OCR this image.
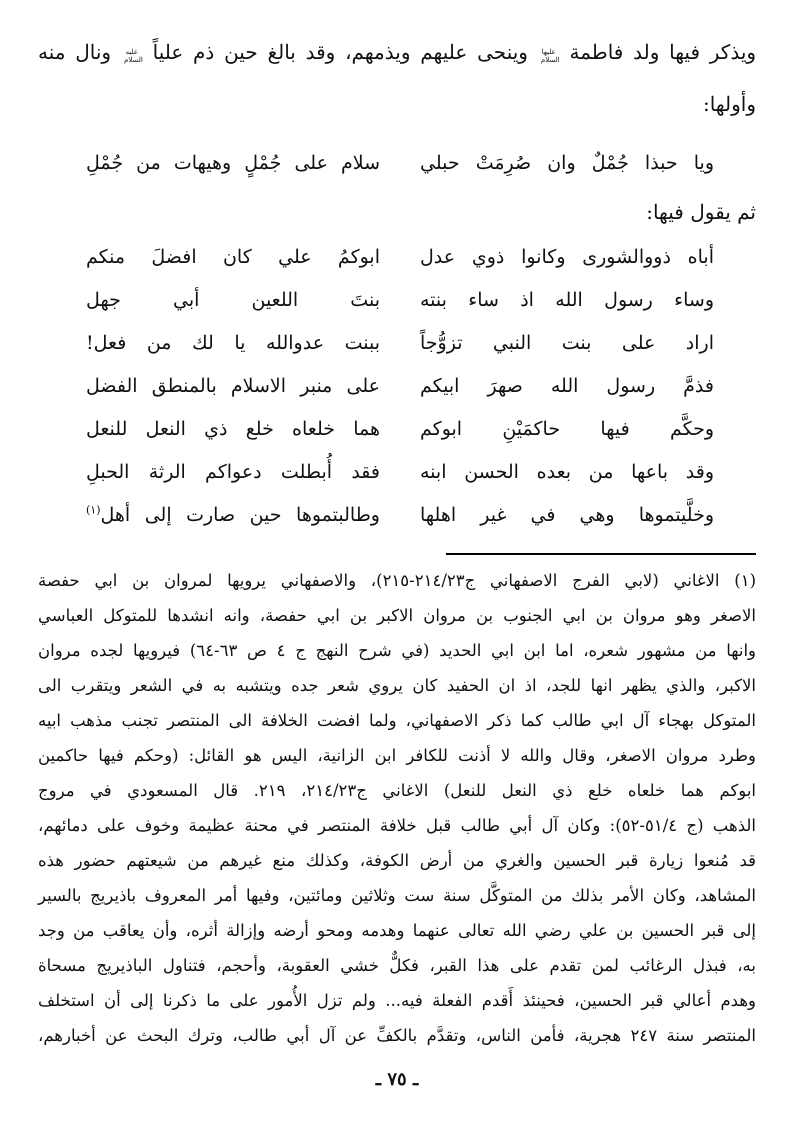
ويذكر فيها ولد فاطمة عليها السلام وينحى عليهم ويذمهم، وقد بالغ حين ذم علياً عليه السلام ونال منه
وأولها:
ويا حبذا جُمْلٌ وان صُرِمَتْ حبلي
سلام على جُمْلٍ وهيهات من جُمْلِ
ثم يقول فيها:
أباه ذووالشورى وكانوا ذوي عدل
ابوكمُ علي كان افضلَ منكم
وساء رسول الله اذ ساء بنته
بنتَ اللعين أبي جهل
اراد على بنت النبي تزوُّجاً
ببنت عدوالله يا لك من فعل!
فذمَّ رسول الله صهرَ ابيكم
على منبر الاسلام بالمنطق الفضل
وحكَّم فيها حاكمَيْنِ ابوكم
هما خلعاه خلع ذي النعل للنعل
وقد باعها من بعده الحسن ابنه
فقد أُبطلت دعواكم الرثة الحبلِ
وخلَّيتموها وهي في غير اهلها
وطالبتموها حين صارت إلى أهل$^{(١)}$
(١) الاغاني (لابي الفرج الاصفهاني ج٢٣‏/‏٢١٤‏-‏٢١٥)، والاصفهاني يرويها لمروان بن ابي حفصة
الاصغر وهو مروان بن ابي الجنوب بن مروان الاكبر بن ابي حفصة، وانه انشدها للمتوكل العباسي
وانها من مشهور شعره، اما ابن ابي الحديد (في شرح النهج ج ٤ ص ٦٣‏-‏٦٤) فيرويها لجده مروان
الاكبر، والذي يظهر انها للجد، اذ ان الحفيد كان يروي شعر جده ويتشبه به في الشعر ويتقرب الى
المتوكل بهجاء آل ابي طالب كما ذكر الاصفهاني، ولما افضت الخلافة الى المنتصر تجنب مذهب ابيه
وطرد مروان الاصغر، وقال والله لا أذنت للكافر ابن الزانية، اليس هو القائل: (وحكم فيها حاكمين
ابوكم هما خلعاه خلع ذي النعل للنعل) الاغاني ج٢٣‏/‏٢١٤، ٢١٩. قال المسعودي في مروج
الذهب (ج ٤‏/‏٥١‏-‏٥٢): وكان آل أبي طالب قبل خلافة المنتصر في محنة عظيمة وخوف على دمائهم،
قد مُنعوا زيارة قبر الحسين والغري من أرض الكوفة، وكذلك منع غيرهم من شيعتهم حضور هذه
المشاهد، وكان الأمر بذلك من المتوكَّل سنة ست وثلاثين ومائتين، وفيها أمر المعروف باذيريج بالسير
إلى قبر الحسين بن علي رضي الله تعالى عنهما وهدمه ومحو أرضه وإزالة أثره، وأن يعاقب من وجد
به، فبذل الرغائب لمن تقدم على هذا القبر، فكلٌّ خشي العقوبة، وأحجم، فتناول الباذيريج مسحاة
وهدم أعالي قبر الحسين، فحينئذ أَقدم الفعلة فيه... ولم تزل الأُمور على ما ذكرنا إلى أن استخلف
المنتصر سنة ٢٤٧ هجرية، فأمن الناس، وتقدَّم بالكفِّ عن آل أبي طالب، وترك البحث عن أخبارهم،
ـ ٧٥ ـ
